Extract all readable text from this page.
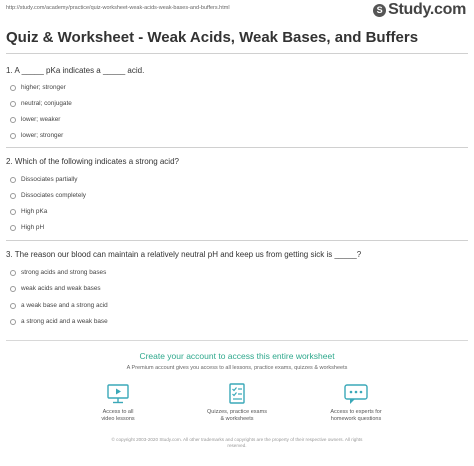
http://study.com/academy/practice/quiz-worksheet-weak-acids-weak-bases-and-buffers.html	S Study.com
Quiz & Worksheet - Weak Acids, Weak Bases, and Buffers
1. A _____ pKa indicates a _____ acid.
higher; stronger
neutral; conjugate
lower; weaker
lower; stronger
2. Which of the following indicates a strong acid?
Dissociates partially
Dissociates completely
High pKa
High pH
3. The reason our blood can maintain a relatively neutral pH and keep us from getting sick is _____?
strong acids and strong bases
weak acids and weak bases
a weak base and a strong acid
a strong acid and a weak base
Create your account to access this entire worksheet
A Premium account gives you access to all lessons, practice exams, quizzes & worksheets
Access to all
video lessons
Quizzes, practice exams
& worksheets
Access to experts for
homework questions
© copyright 2003-2020 Study.com. All other trademarks and copyrights are the property of their respective owners. All rights
reserved.
